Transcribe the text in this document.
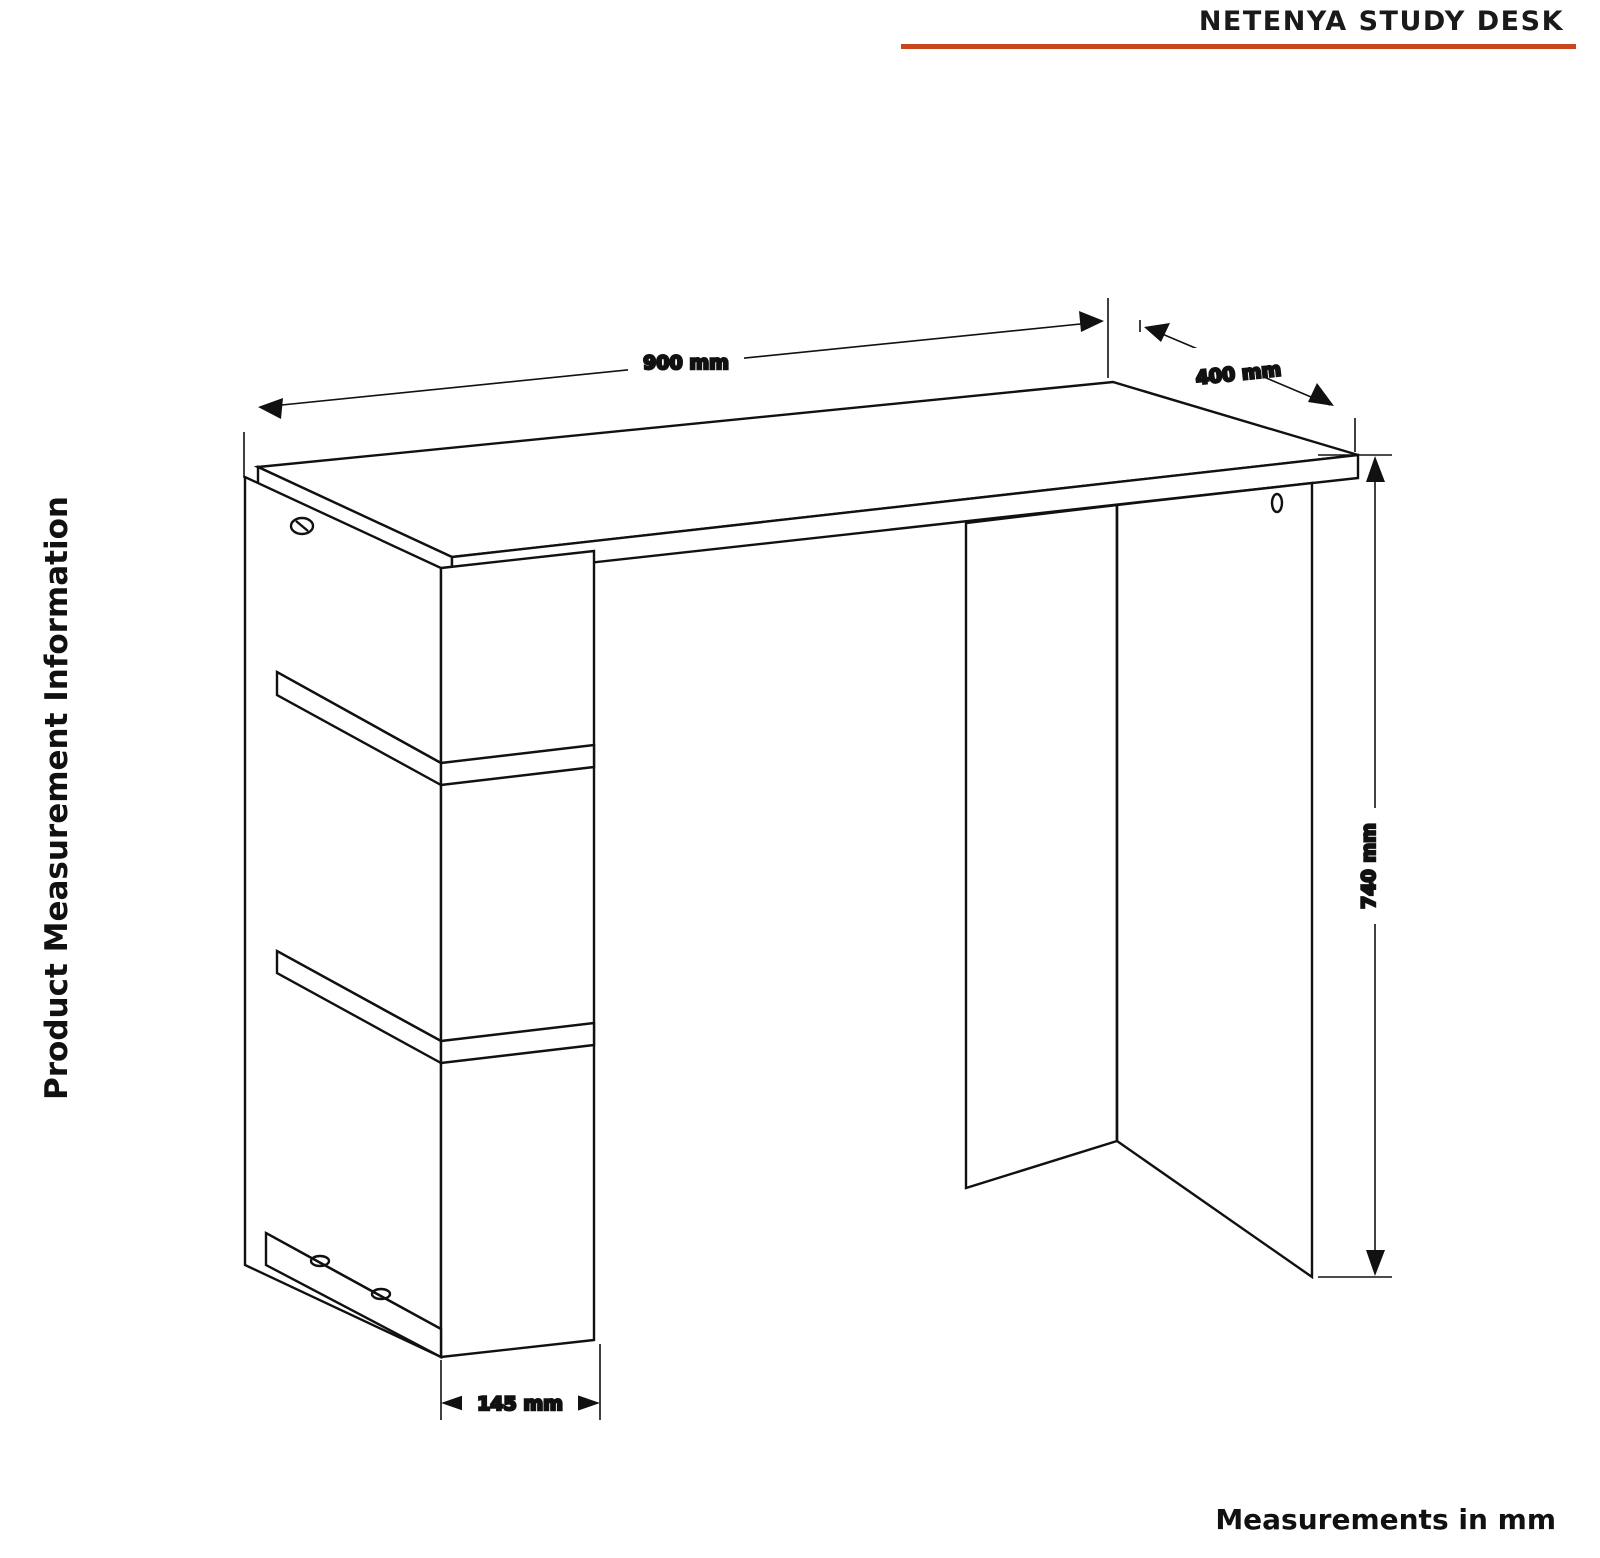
NETENYA STUDY DESK
Product Measurement Information
Measurements in mm
900 mm	400 mm
740 mm
145 mm
